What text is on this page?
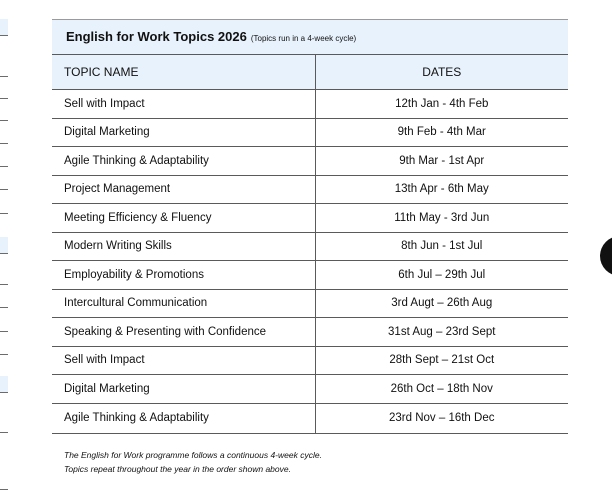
English for Work Topics 2026 (Topics run in a 4-week cycle)	
TOPIC NAME	DATES
Sell with Impact	12th Jan - 4th Feb
Digital Marketing	9th Feb - 4th Mar
Agile Thinking & Adaptability	9th Mar - 1st Apr
Project Management	13th Apr - 6th May
Meeting Efficiency & Fluency	11th May - 3rd Jun
Modern Writing Skills	8th Jun - 1st Jul
Employability & Promotions	6th Jul – 29th Jul
Intercultural Communication	3rd Augt – 26th Aug
Speaking & Presenting with Confidence	31st Aug – 23rd Sept
Sell with Impact	28th Sept – 21st Oct
Digital Marketing	26th Oct – 18th Nov
Agile Thinking & Adaptability	23rd Nov – 16th Dec
The English for Work programme follows a continuous 4-week cycle.
Topics repeat throughout the year in the order shown above.
